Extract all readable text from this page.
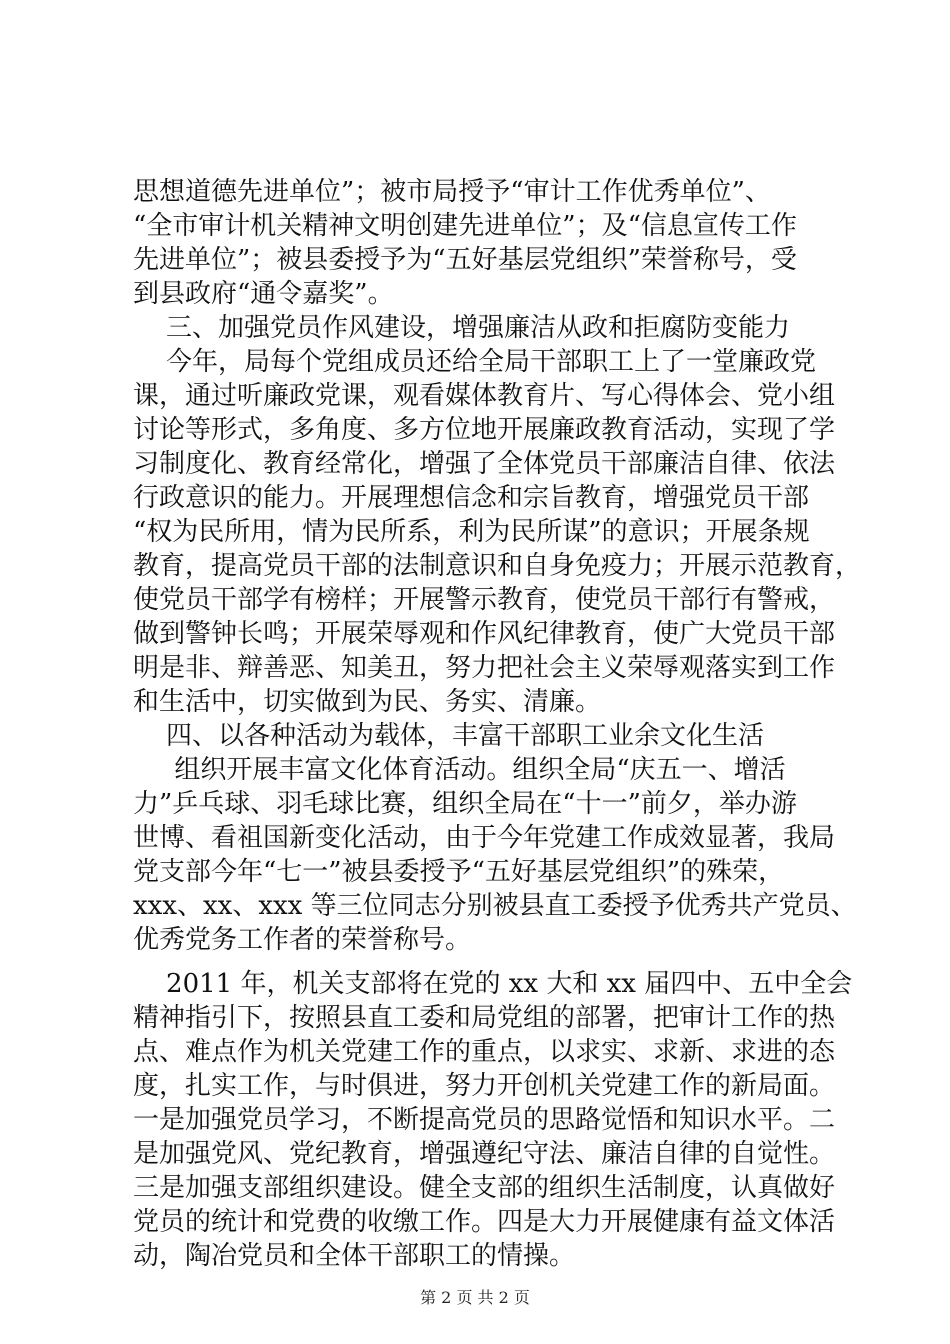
思想道德先进单位”；被市局授予“审计工作优秀单位”、
“全市审计机关精神文明创建先进单位”；及“信息宣传工作
先进单位”；被县委授予为“五好基层党组织”荣誉称号，受
到县政府“通令嘉奖”。
三、加强党员作风建设，增强廉洁从政和拒腐防变能力
今年，局每个党组成员还给全局干部职工上了一堂廉政党
课，通过听廉政党课，观看媒体教育片、写心得体会、党小组
讨论等形式，多角度、多方位地开展廉政教育活动，实现了学
习制度化、教育经常化，增强了全体党员干部廉洁自律、依法
行政意识的能力。开展理想信念和宗旨教育，增强党员干部
“权为民所用，情为民所系，利为民所谋”的意识；开展条规
教育，提高党员干部的法制意识和自身免疫力；开展示范教育，
使党员干部学有榜样；开展警示教育，使党员干部行有警戒，
做到警钟长鸣；开展荣辱观和作风纪律教育，使广大党员干部
明是非、辩善恶、知美丑，努力把社会主义荣辱观落实到工作
和生活中，切实做到为民、务实、清廉。
四、以各种活动为载体，丰富干部职工业余文化生活
组织开展丰富文化体育活动。组织全局“庆五一、增活
力”乒乓球、羽毛球比赛，组织全局在“十一”前夕，举办游
世博、看祖国新变化活动，由于今年党建工作成效显著，我局
党支部今年“七一”被县委授予“五好基层党组织”的殊荣，
xxx、xx、xxx 等三位同志分别被县直工委授予优秀共产党员、
优秀党务工作者的荣誉称号。
2011 年，机关支部将在党的 xx 大和 xx 届四中、五中全会
精神指引下，按照县直工委和局党组的部署，把审计工作的热
点、难点作为机关党建工作的重点，以求实、求新、求进的态
度，扎实工作，与时俱进，努力开创机关党建工作的新局面。
一是加强党员学习，不断提高党员的思路觉悟和知识水平。二
是加强党风、党纪教育，增强遵纪守法、廉洁自律的自觉性。
三是加强支部组织建设。健全支部的组织生活制度，认真做好
党员的统计和党费的收缴工作。四是大力开展健康有益文体活
动，陶冶党员和全体干部职工的情操。
第 2 页 共 2 页
